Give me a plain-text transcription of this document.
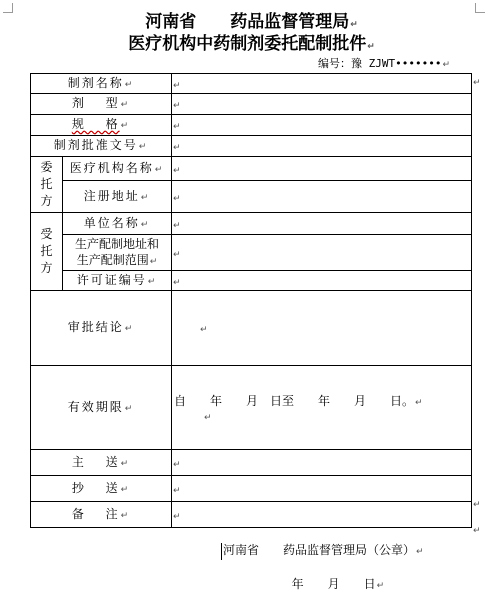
河南省　　药品监督管理局↵
医疗机构中药制剂委托配制批件↵
编号：豫 ZJWT•••••••↵
制剂名称↵		↵
剂 型↵		↵
规 格↵		↵
制剂批准文号↵		↵
委托方	医疗机构名称↵	↵
	注册地址↵	↵
受托方	单位名称↵	↵
	生产配制地址和
生产配制范围↵	↵
	许可证编号↵	↵
审批结论↵		↵
有效期限↵		自　　年　　月　日至　　年　　月　　日。↵
↵
主 送↵		↵
抄 送↵		↵
备 注↵		↵
↵
↵
↵
河南省　　药品监督管理局（公章）↵

年　　月　　日↵
